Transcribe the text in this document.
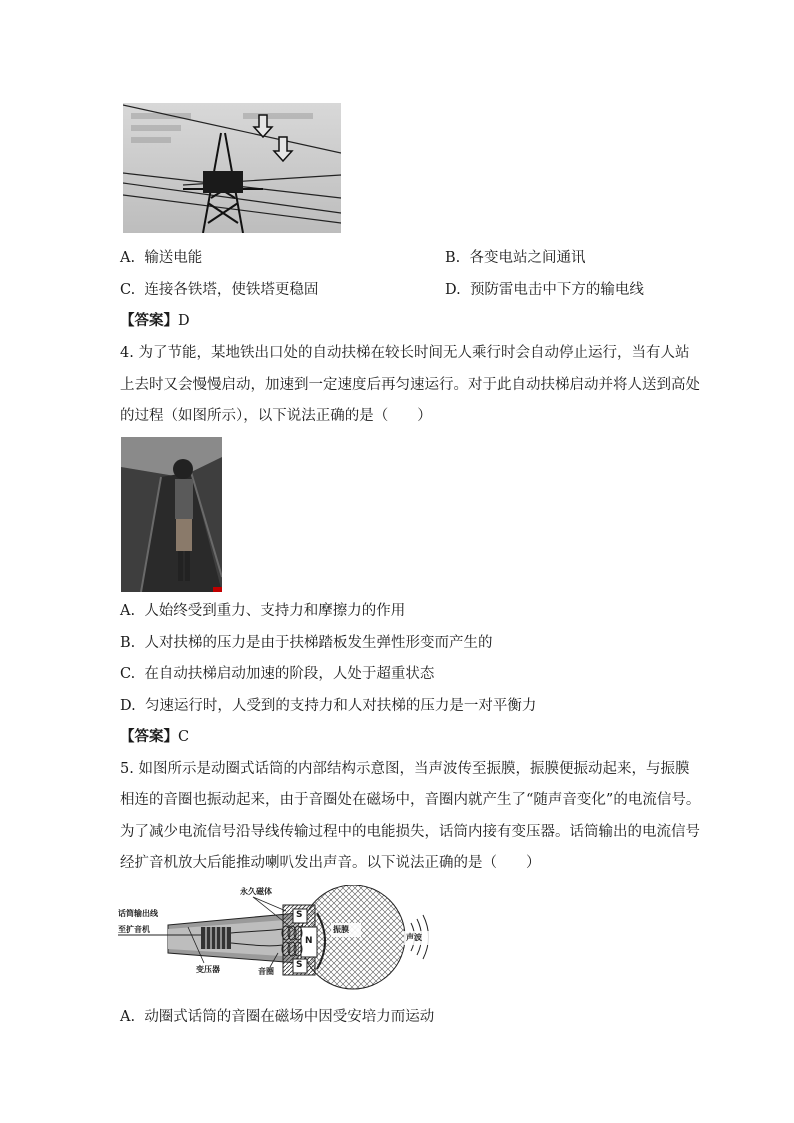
A. 输送电能	B. 各变电站之间通讯
C. 连接各铁塔，使铁塔更稳固	D. 预防雷电击中下方的输电线
【答案】D
4. 为了节能，某地铁出口处的自动扶梯在较长时间无人乘行时会自动停止运行，当有人站
上去时又会慢慢启动，加速到一定速度后再匀速运行。对于此自动扶梯启动并将人送到高处
的过程（如图所示），以下说法正确的是（　　）
A. 人始终受到重力、支持力和摩擦力的作用
B. 人对扶梯的压力是由于扶梯踏板发生弹性形变而产生的
C. 在自动扶梯启动加速的阶段，人处于超重状态
D. 匀速运行时，人受到的支持力和人对扶梯的压力是一对平衡力
【答案】C
5. 如图所示是动圈式话筒的内部结构示意图，当声波传至振膜，振膜便振动起来，与振膜
相连的音圈也振动起来，由于音圈处在磁场中，音圈内就产生了“随声音变化”的电流信号。
为了减少电流信号沿导线传输过程中的电能损失，话筒内接有变压器。话筒输出的电流信号
经扩音机放大后能推动喇叭发出声音。以下说法正确的是（　　）
话筒输出线
至扩音机
永久磁体
振膜
声波
变压器	音圈
S
N
S
A. 动圈式话筒的音圈在磁场中因受安培力而运动
